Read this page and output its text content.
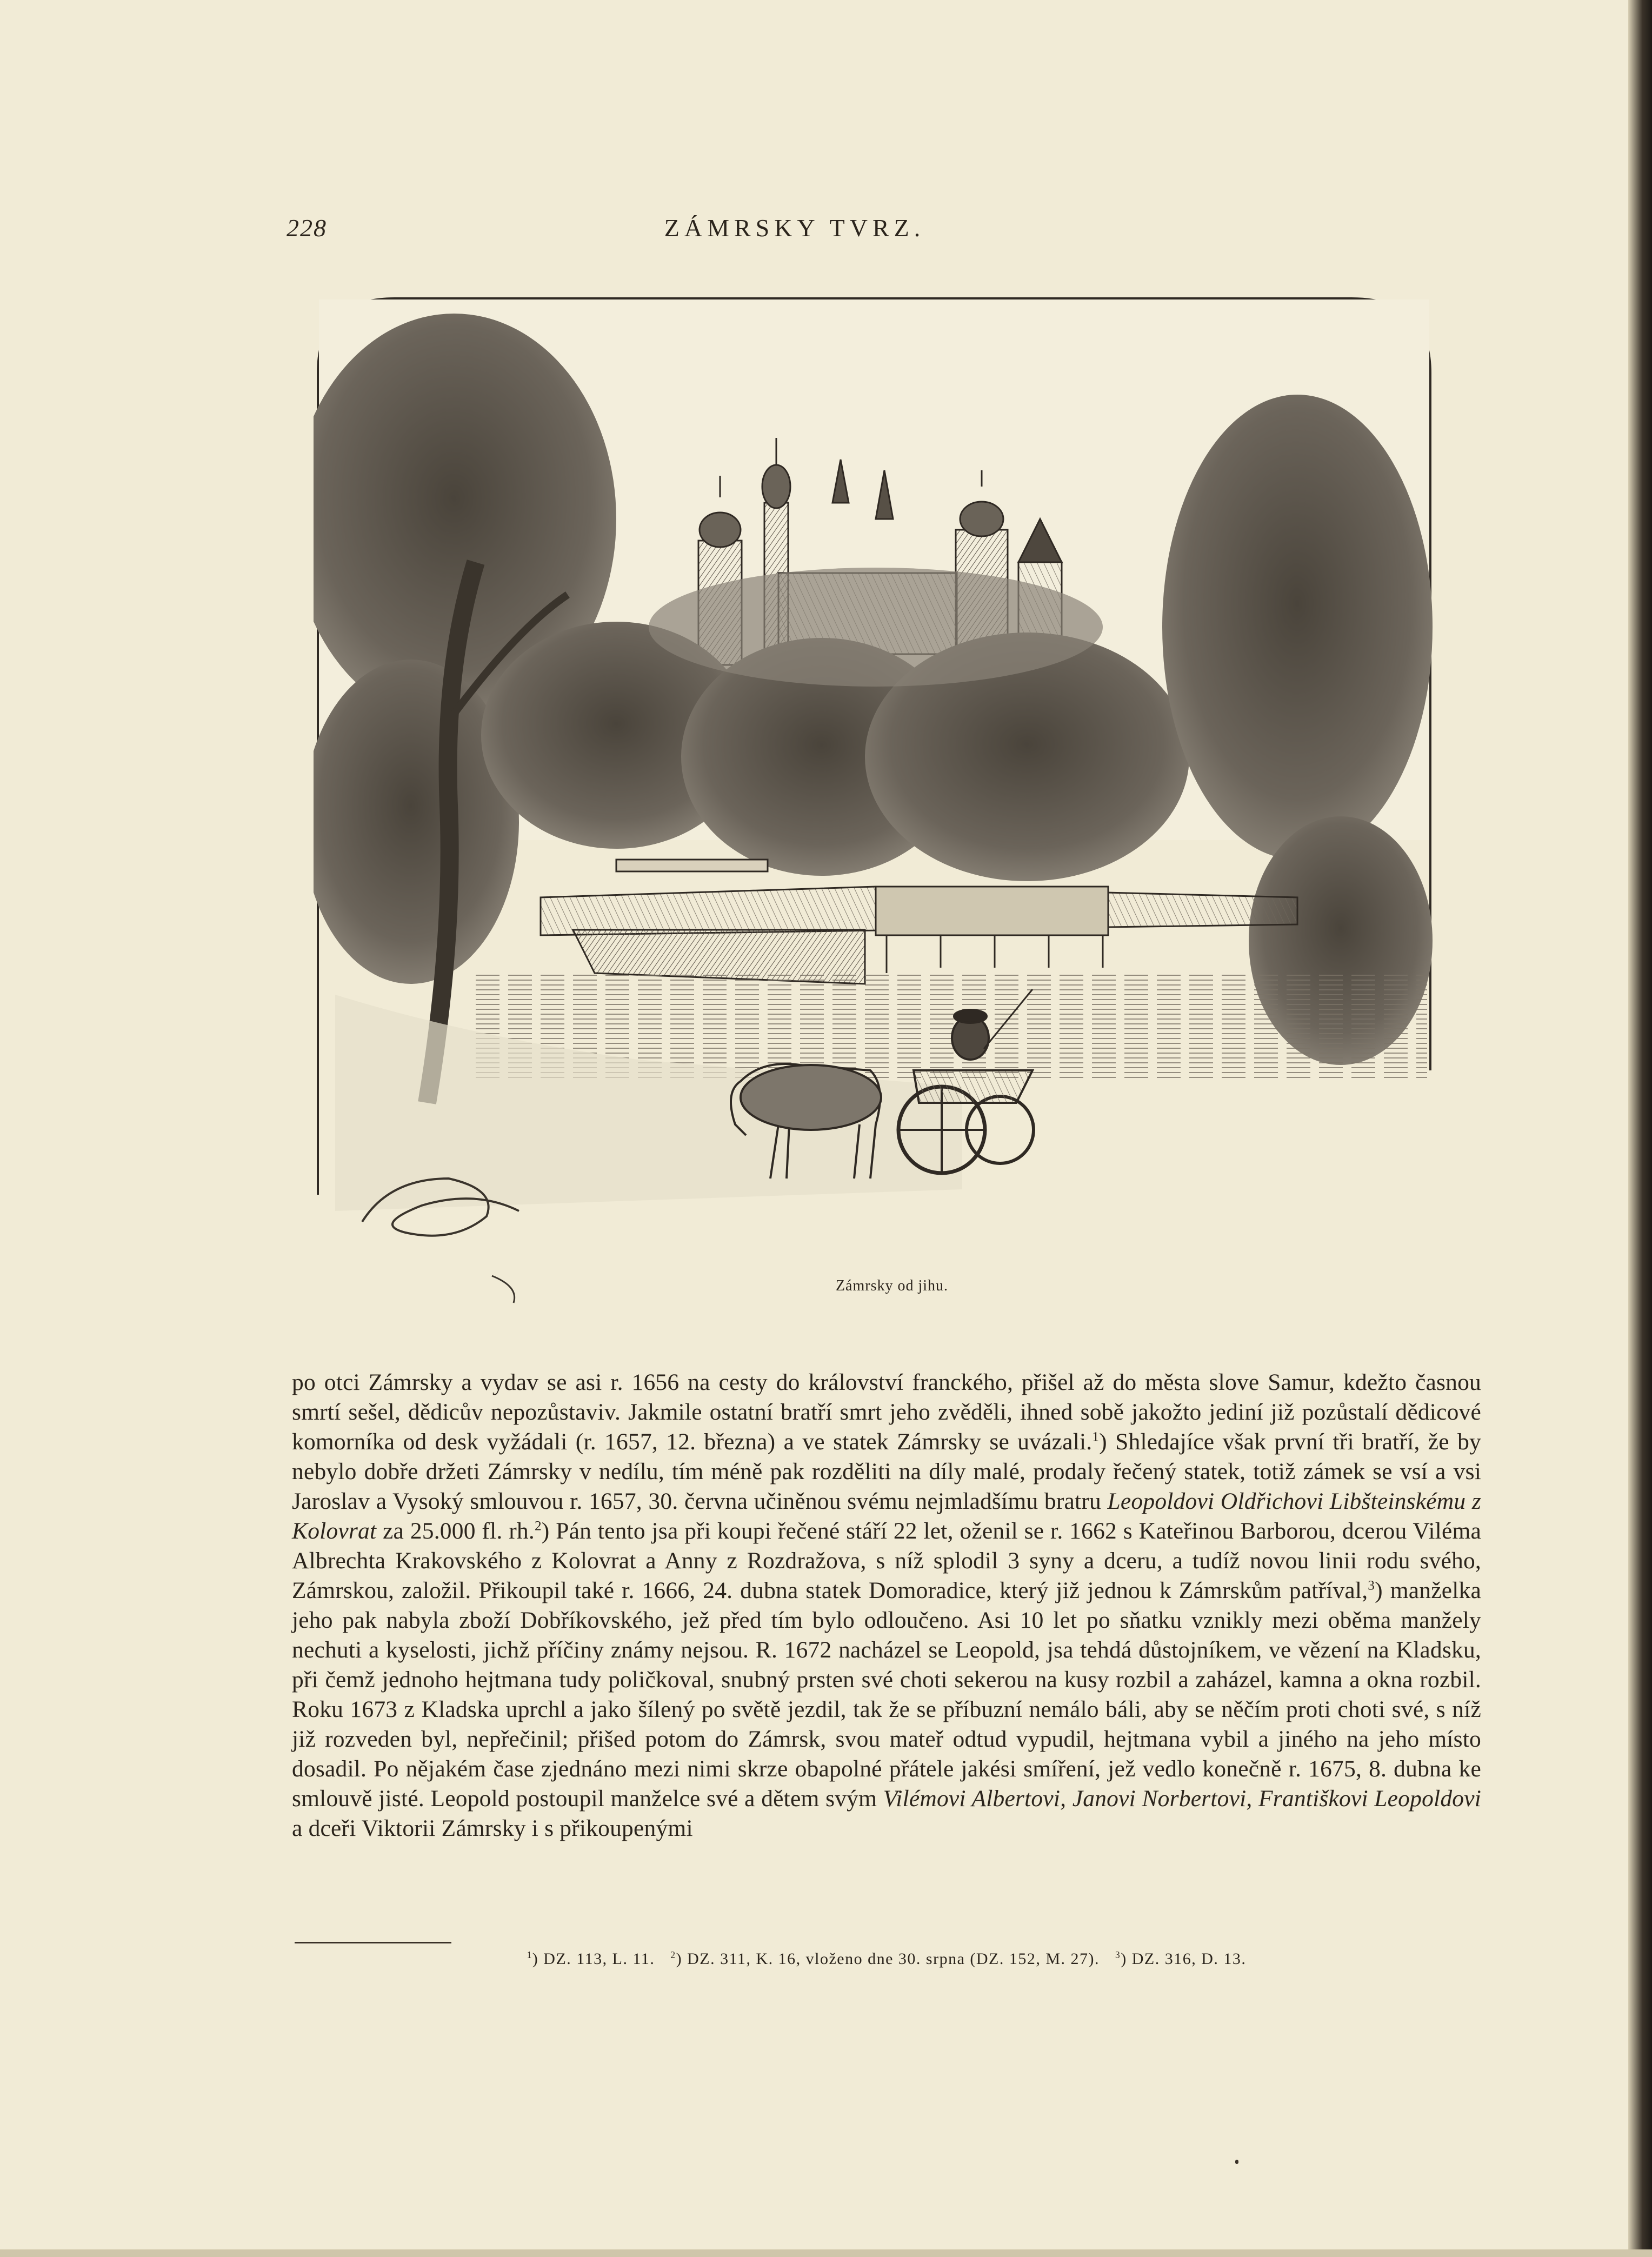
228	ZÁMRSKY TVRZ.
Zámrsky od jihu.

po otci Zámrsky a vydav se asi r. 1656 na cesty do království franckého, přišel až do města slove Samur, kdežto časnou smrtí sešel, dědicův nepozůstaviv. Jakmile ostatní bratří smrt jeho zvěděli, ihned sobě jakožto jediní již pozůstalí dědicové komorníka od desk vyžádali (r. 1657, 12. března) a ve statek Zámrsky se uvázali.$^1$) Shledajíce však první tři bratří, že by nebylo dobře držeti Zámrsky v nedílu, tím méně pak rozděliti na díly malé, prodaly řečený statek, totiž zámek se vsí a vsi Jaroslav a Vysoký smlouvou r. 1657, 30. června učiněnou svému nejmladšímu bratru Leopoldovi Oldřichovi Libšteinskému z Kolovrat za 25.000 fl. rh.$^2$) Pán tento jsa při koupi řečené stáří 22 let, oženil se r. 1662 s Kateřinou Barborou, dcerou Viléma Albrechta Krakovského z Kolovrat a Anny z Rozdražova, s níž splodil 3 syny a dceru, a tudíž novou linii rodu svého, Zámrskou, založil. Přikoupil také r. 1666, 24. dubna statek Domoradice, který již jednou k Zámrskům patříval,$^3$) manželka jeho pak nabyla zboží Dobříkovského, jež před tím bylo odloučeno. Asi 10 let po sňatku vznikly mezi oběma manžely nechuti a kyselosti, jichž příčiny známy nejsou. R. 1672 nacházel se Leopold, jsa tehdá důstojníkem, ve vězení na Kladsku, při čemž jednoho hejtmana tudy poličkoval, snubný prsten své choti sekerou na kusy rozbil a zaházel, kamna a okna rozbil. Roku 1673 z Kladska uprchl a jako šílený po světě jezdil, tak že se příbuzní nemálo báli, aby se něčím proti choti své, s níž již rozveden byl, nepřečinil; přišed potom do Zámrsk, svou mateř odtud vypudil, hejtmana vybil a jiného na jeho místo dosadil. Po nějakém čase zjednáno mezi nimi skrze obapolné přátele jakési smíření, jež vedlo konečně r. 1675, 8. dubna ke smlouvě jisté. Leopold postoupil manželce své a dětem svým Vilémovi Albertovi, Janovi Norbertovi, Františkovi Leopoldovi a dceři Viktorii Zámrsky i s přikoupenými

$^1$) DZ. 113, L. 11. $^2$) DZ. 311, K. 16, vloženo dne 30. srpna (DZ. 152, M. 27). $^3$) DZ. 316, D. 13.
